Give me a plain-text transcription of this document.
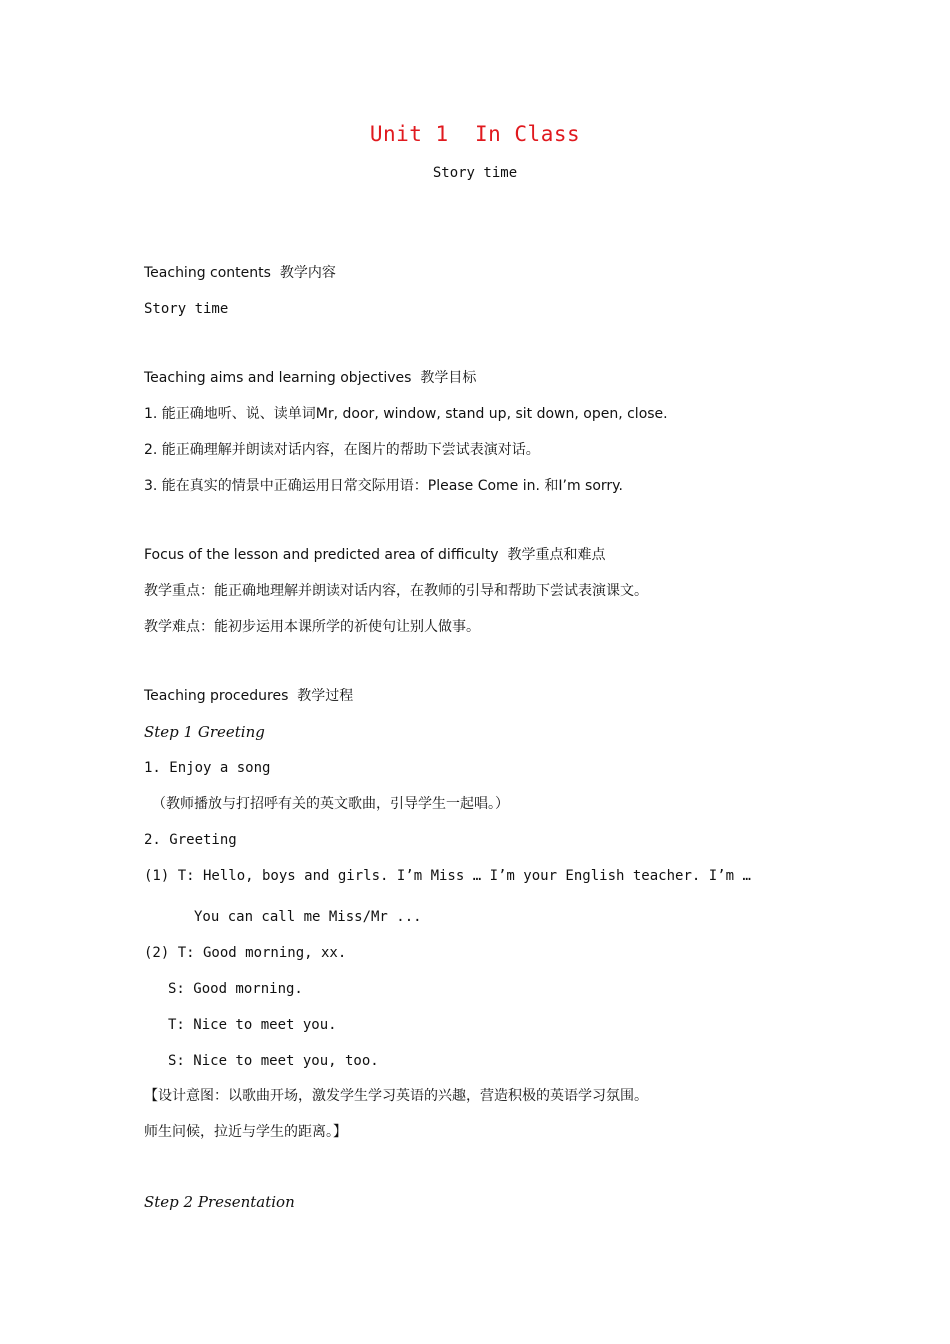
Unit 1  In Class
Story time
Teaching contents  教学内容
Story time
Teaching aims and learning objectives  教学目标
1. 能正确地听、说、读单词Mr, door, window, stand up, sit down, open, close.
2. 能正确理解并朗读对话内容，在图片的帮助下尝试表演对话。
3. 能在真实的情景中正确运用日常交际用语：Please Come in. 和I’m sorry.
Focus of the lesson and predicted area of difficulty  教学重点和难点
教学重点：能正确地理解并朗读对话内容，在教师的引导和帮助下尝试表演课文。
教学难点：能初步运用本课所学的祈使句让别人做事。
Teaching procedures  教学过程
Step 1 Greeting
1. Enjoy a song
（教师播放与打招呼有关的英文歌曲，引导学生一起唱。）
2. Greeting
(1) T: Hello, boys and girls. I’m Miss … I’m your English teacher. I’m …
You can call me Miss/Mr ...
(2) T: Good morning, xx.
S: Good morning.
T: Nice to meet you.
S: Nice to meet you, too.
【设计意图：以歌曲开场，激发学生学习英语的兴趣，营造积极的英语学习氛围。
师生问候，拉近与学生的距离。】
Step 2 Presentation
